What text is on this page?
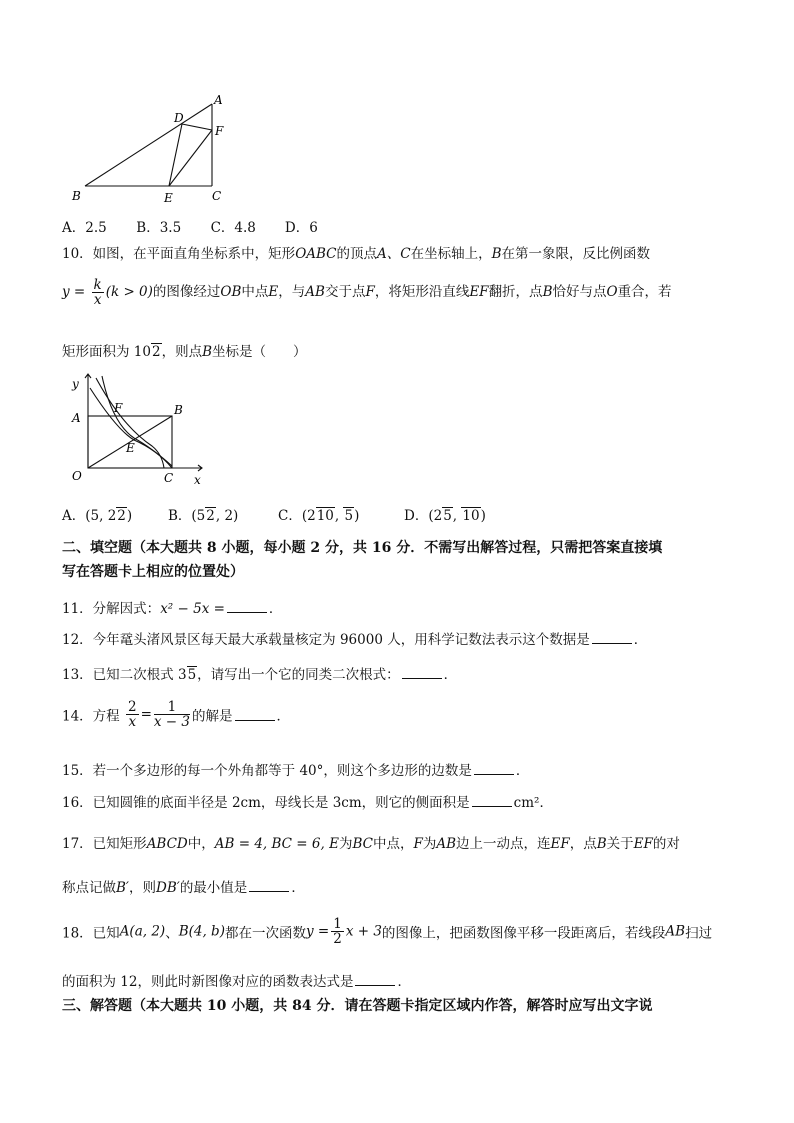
A
D
F
B	E	C
A．2.5 B．3.5 C．4.8 D．6
10．如图，在平面直角坐标系中，矩形OABC的顶点A、C在坐标轴上，B在第一象限，反比例函数
$y = \frac{k}{x} (k > 0)$的图像经过OB中点E，与AB交于点F，将矩形沿直线EF翻折，点B恰好与点O重合，若
矩形面积为 102，则点B坐标是（　　）
y
A
F	B
E
O	C x
A．(5, 22)	B．(52, 2)	C．(210, 5)	D．(25, 10)
二、填空题（本大题共 8 小题，每小题 2 分，共 16 分．不需写出解答过程，只需把答案直接填
写在答题卡上相应的位置处）
11．分解因式：x² − 5x =	．
12．今年鼋头渚风景区每天最大承载量核定为 96000 人，用科学记数法表示这个数据是	．
13．已知二次根式 35，请写出一个它的同类二次根式：	．
14．方程 $\frac{2}{x} = \frac{1}{x - 3}$ 的解是	．
15．若一个多边形的每一个外角都等于 40°，则这个多边形的边数是	．
16．已知圆锥的底面半径是 2cm，母线长是 3cm，则它的侧面积是	cm²．
17．已知矩形ABCD中，AB = 4, BC = 6, E为BC中点，F为AB边上一动点，连EF，点B关于EF的对
称点记做B′，则DB′的最小值是	．
18．已知A(a, 2)、B(4, b)都在一次函数$y = \frac{1}{2}$ x + 3的图像上，把函数图像平移一段距离后，若线段AB扫过
的面积为 12，则此时新图像对应的函数表达式是	．
三、解答题（本大题共 10 小题，共 84 分．请在答题卡指定区域内作答，解答时应写出文字说
